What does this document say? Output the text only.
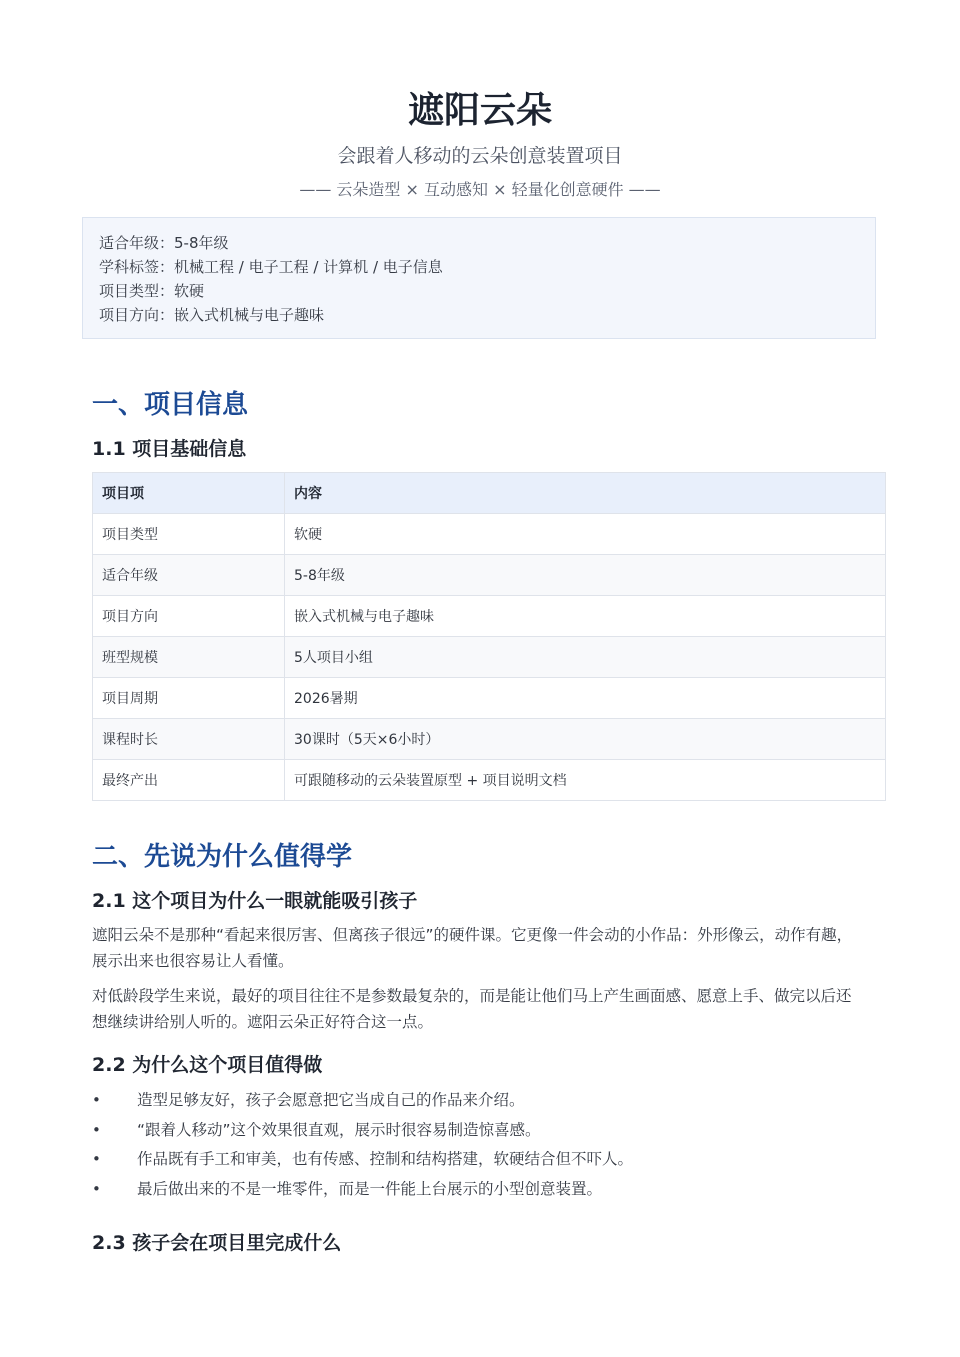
遮阳云朵
会跟着人移动的云朵创意装置项目
—— 云朵造型 × 互动感知 × 轻量化创意硬件 ——
适合年级：5-8年级
学科标签：机械工程 / 电子工程 / 计算机 / 电子信息
项目类型：软硬
项目方向：嵌入式机械与电子趣味
一、项目信息
1.1 项目基础信息
项目项	内容
项目类型	软硬
适合年级	5-8年级
项目方向	嵌入式机械与电子趣味
班型规模	5人项目小组
项目周期	2026暑期
课程时长	30课时（5天×6小时）
最终产出	可跟随移动的云朵装置原型 + 项目说明文档
二、先说为什么值得学
2.1 这个项目为什么一眼就能吸引孩子
遮阳云朵不是那种“看起来很厉害、但离孩子很远”的硬件课。它更像一件会动的小作品：外形像云，动作有趣，展示出来也很容易让人看懂。
对低龄段学生来说，最好的项目往往不是参数最复杂的，而是能让他们马上产生画面感、愿意上手、做完以后还想继续讲给别人听的。遮阳云朵正好符合这一点。
2.2 为什么这个项目值得做
• 造型足够友好，孩子会愿意把它当成自己的作品来介绍。
• “跟着人移动”这个效果很直观，展示时很容易制造惊喜感。
• 作品既有手工和审美，也有传感、控制和结构搭建，软硬结合但不吓人。
• 最后做出来的不是一堆零件，而是一件能上台展示的小型创意装置。
2.3 孩子会在项目里完成什么
